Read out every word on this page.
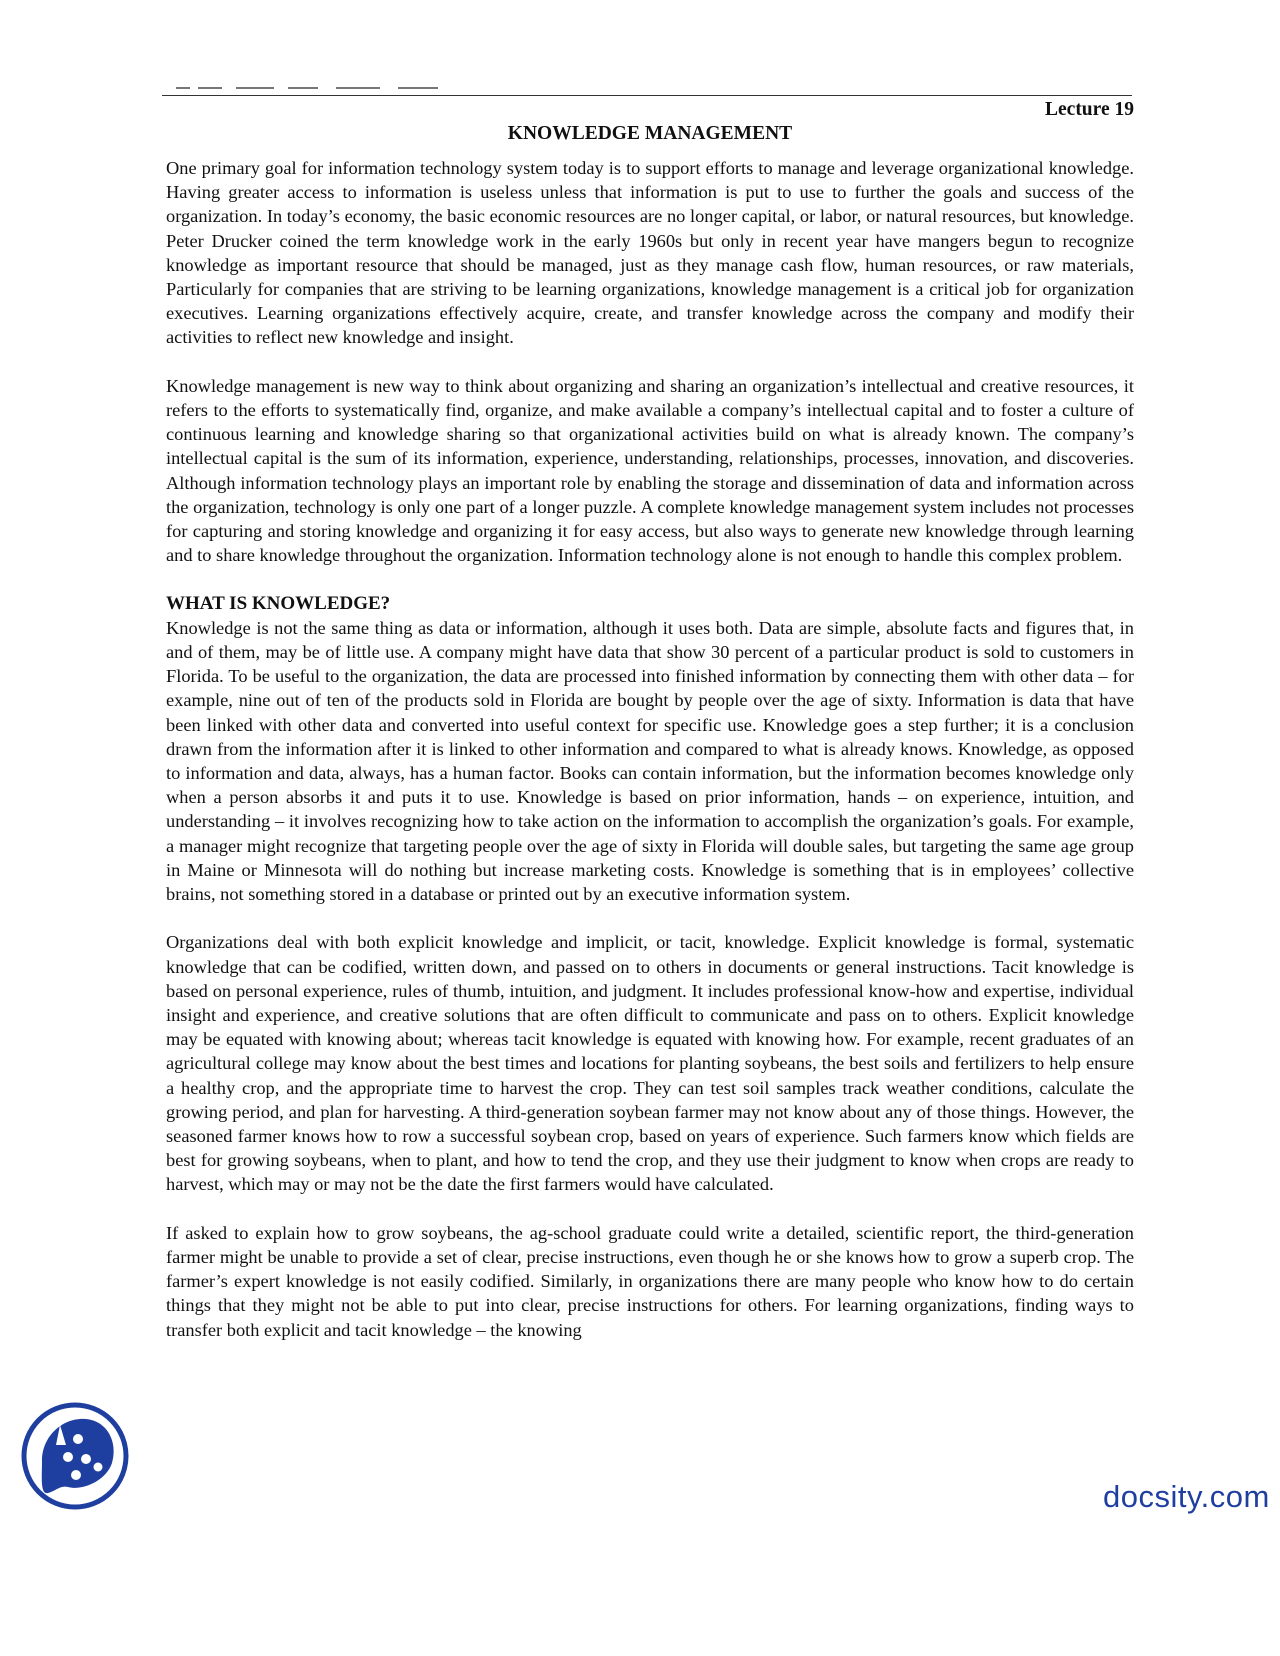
Lecture 19

KNOWLEDGE MANAGEMENT

One primary goal for information technology system today is to support efforts to manage and leverage organizational knowledge. Having greater access to information is useless unless that information is put to use to further the goals and success of the organization. In today’s economy, the basic economic resources are no longer capital, or labor, or natural resources, but knowledge. Peter Drucker coined the term knowledge work in the early 1960s but only in recent year have mangers begun to recognize knowledge as important resource that should be managed, just as they manage cash flow, human resources, or raw materials, Particularly for companies that are striving to be learning organizations, knowledge management is a critical job for organization executives. Learning organizations effectively acquire, create, and transfer knowledge across the company and modify their activities to reflect new knowledge and insight.

Knowledge management is new way to think about organizing and sharing an organization’s intellectual and creative resources, it refers to the efforts to systematically find, organize, and make available a company’s intellectual capital and to foster a culture of continuous learning and knowledge sharing so that organizational activities build on what is already known. The company’s intellectual capital is the sum of its information, experience, understanding, relationships, processes, innovation, and discoveries. Although information technology plays an important role by enabling the storage and dissemination of data and information across the organization, technology is only one part of a longer puzzle. A complete knowledge management system includes not processes for capturing and storing knowledge and organizing it for easy access, but also ways to generate new knowledge through learning and to share knowledge throughout the organization. Information technology alone is not enough to handle this complex problem.

WHAT IS KNOWLEDGE?

Knowledge is not the same thing as data or information, although it uses both. Data are simple, absolute facts and figures that, in and of them, may be of little use. A company might have data that show 30 percent of a particular product is sold to customers in Florida. To be useful to the organization, the data are processed into finished information by connecting them with other data – for example, nine out of ten of the products sold in Florida are bought by people over the age of sixty. Information is data that have been linked with other data and converted into useful context for specific use. Knowledge goes a step further; it is a conclusion drawn from the information after it is linked to other information and compared to what is already knows. Knowledge, as opposed to information and data, always, has a human factor. Books can contain information, but the information becomes knowledge only when a person absorbs it and puts it to use. Knowledge is based on prior information, hands – on experience, intuition, and understanding – it involves recognizing how to take action on the information to accomplish the organization’s goals. For example, a manager might recognize that targeting people over the age of sixty in Florida will double sales, but targeting the same age group in Maine or Minnesota will do nothing but increase marketing costs. Knowledge is something that is in employees’ collective brains, not something stored in a database or printed out by an executive information system.

Organizations deal with both explicit knowledge and implicit, or tacit, knowledge. Explicit knowledge is formal, systematic knowledge that can be codified, written down, and passed on to others in documents or general instructions. Tacit knowledge is based on personal experience, rules of thumb, intuition, and judgment. It includes professional know-how and expertise, individual insight and experience, and creative solutions that are often difficult to communicate and pass on to others. Explicit knowledge may be equated with knowing about; whereas tacit knowledge is equated with knowing how. For example, recent graduates of an agricultural college may know about the best times and locations for planting soybeans, the best soils and fertilizers to help ensure a healthy crop, and the appropriate time to harvest the crop. They can test soil samples track weather conditions, calculate the growing period, and plan for harvesting. A third-generation soybean farmer may not know about any of those things. However, the seasoned farmer knows how to row a successful soybean crop, based on years of experience. Such farmers know which fields are best for growing soybeans, when to plant, and how to tend the crop, and they use their judgment to know when crops are ready to harvest, which may or may not be the date the first farmers would have calculated.

If asked to explain how to grow soybeans, the ag-school graduate could write a detailed, scientific report, the third-generation farmer might be unable to provide a set of clear, precise instructions, even though he or she knows how to grow a superb crop. The farmer’s expert knowledge is not easily codified. Similarly, in organizations there are many people who know how to do certain things that they might not be able to put into clear, precise instructions for others. For learning organizations, finding ways to transfer both explicit and tacit knowledge – the knowing

docsity.com
